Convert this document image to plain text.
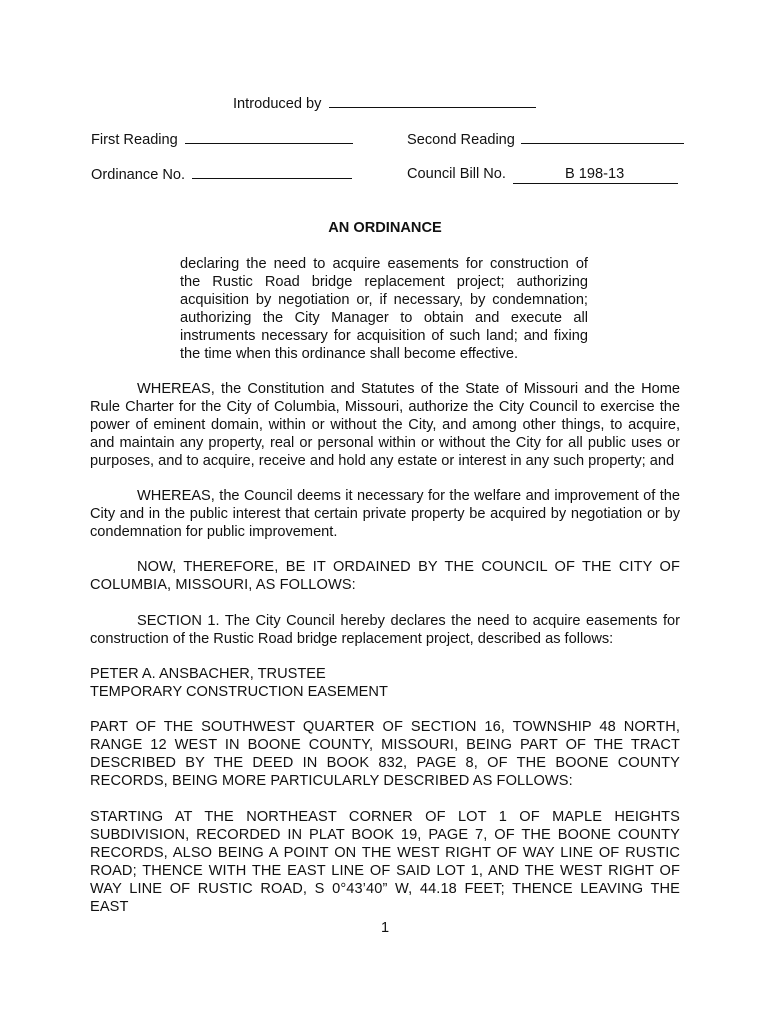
Introduced by
First Reading	Second Reading
Ordinance No.	Council Bill No.	B 198-13
AN ORDINANCE
declaring the need to acquire easements for construction of the Rustic Road bridge replacement project; authorizing acquisition by negotiation or, if necessary, by condemnation; authorizing the City Manager to obtain and execute all instruments necessary for acquisition of such land; and fixing the time when this ordinance shall become effective.
WHEREAS, the Constitution and Statutes of the State of Missouri and the Home Rule Charter for the City of Columbia, Missouri, authorize the City Council to exercise the power of eminent domain, within or without the City, and among other things, to acquire, and maintain any property, real or personal within or without the City for all public uses or purposes, and to acquire, receive and hold any estate or interest in any such property; and
WHEREAS, the Council deems it necessary for the welfare and improvement of the City and in the public interest that certain private property be acquired by negotiation or by condemnation for public improvement.
NOW, THEREFORE, BE IT ORDAINED BY THE COUNCIL OF THE CITY OF COLUMBIA, MISSOURI, AS FOLLOWS:
SECTION 1. The City Council hereby declares the need to acquire easements for construction of the Rustic Road bridge replacement project, described as follows:
PETER A. ANSBACHER, TRUSTEE
TEMPORARY CONSTRUCTION EASEMENT
PART OF THE SOUTHWEST QUARTER OF SECTION 16, TOWNSHIP 48 NORTH, RANGE 12 WEST IN BOONE COUNTY, MISSOURI, BEING PART OF THE TRACT DESCRIBED BY THE DEED IN BOOK 832, PAGE 8, OF THE BOONE COUNTY RECORDS, BEING MORE PARTICULARLY DESCRIBED AS FOLLOWS:
STARTING AT THE NORTHEAST CORNER OF LOT 1 OF MAPLE HEIGHTS SUBDIVISION, RECORDED IN PLAT BOOK 19, PAGE 7, OF THE BOONE COUNTY RECORDS, ALSO BEING A POINT ON THE WEST RIGHT OF WAY LINE OF RUSTIC ROAD; THENCE WITH THE EAST LINE OF SAID LOT 1, AND THE WEST RIGHT OF WAY LINE OF RUSTIC ROAD, S 0°43’40” W, 44.18 FEET; THENCE LEAVING THE EAST
1
